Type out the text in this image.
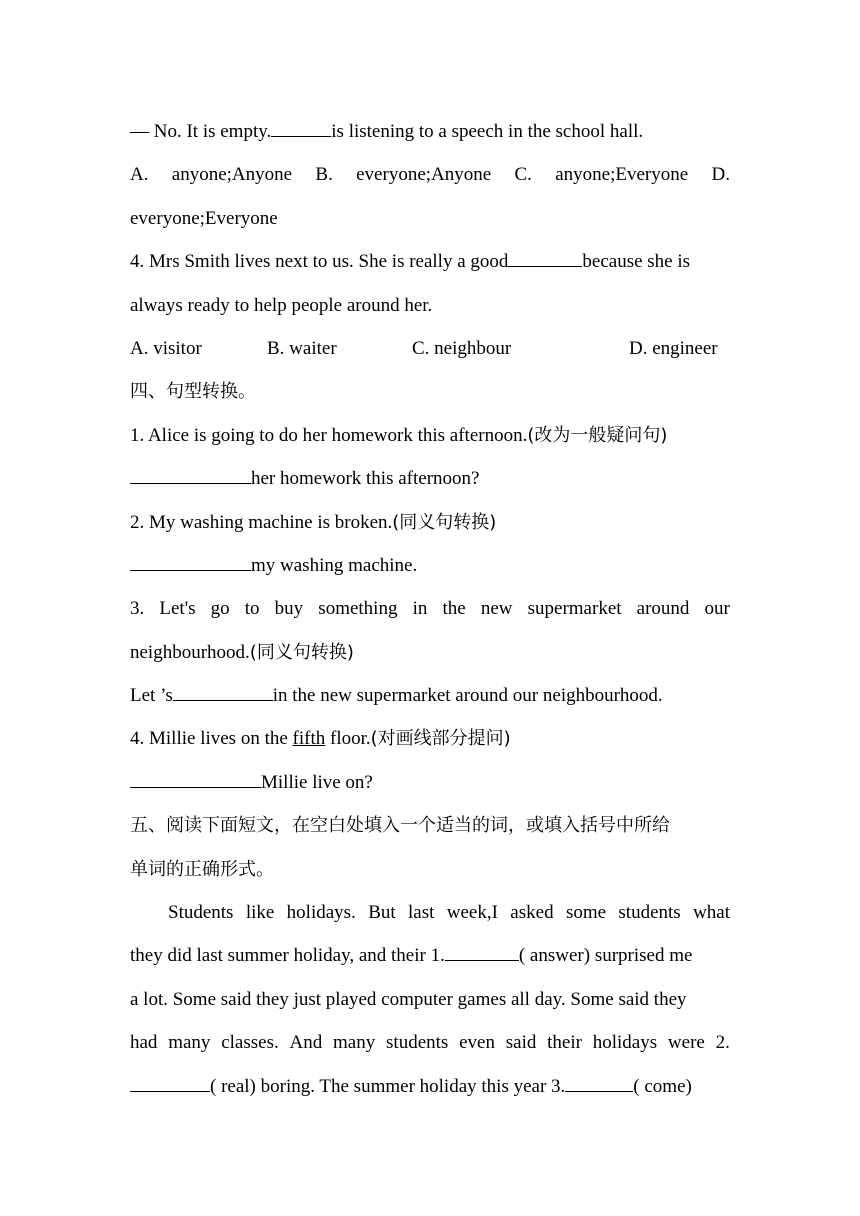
— No. It is empty.	is listening to a speech in the school hall.
A. anyone;Anyone B. everyone;Anyone C. anyone;Everyone D.
everyone;Everyone
4. Mrs Smith lives next to us. She is really a good	because she is
always ready to help people around her.
A. visitor	B. waiter	C. neighbour	D. engineer
四、句型转换。
1. Alice is going to do her homework this afternoon.(改为一般疑问句)
her homework this afternoon?
2. My washing machine is broken.(同义句转换)
my washing machine.
3. Let's go to buy something in the new supermarket around our
neighbourhood.(同义句转换)
Let ’s	in the new supermarket around our neighbourhood.
4. Millie lives on the fifth floor.(对画线部分提问)
Millie live on?
五、阅读下面短文，在空白处填入一个适当的词，或填入括号中所给
单词的正确形式。
Students like holidays. But last week,I asked some students what
they did last summer holiday, and their 1.	( answer) surprised me
a lot. Some said they just played computer games all day. Some said they
had many classes. And many students even said their holidays were 2.
( real) boring. The summer holiday this year 3.	( come)
